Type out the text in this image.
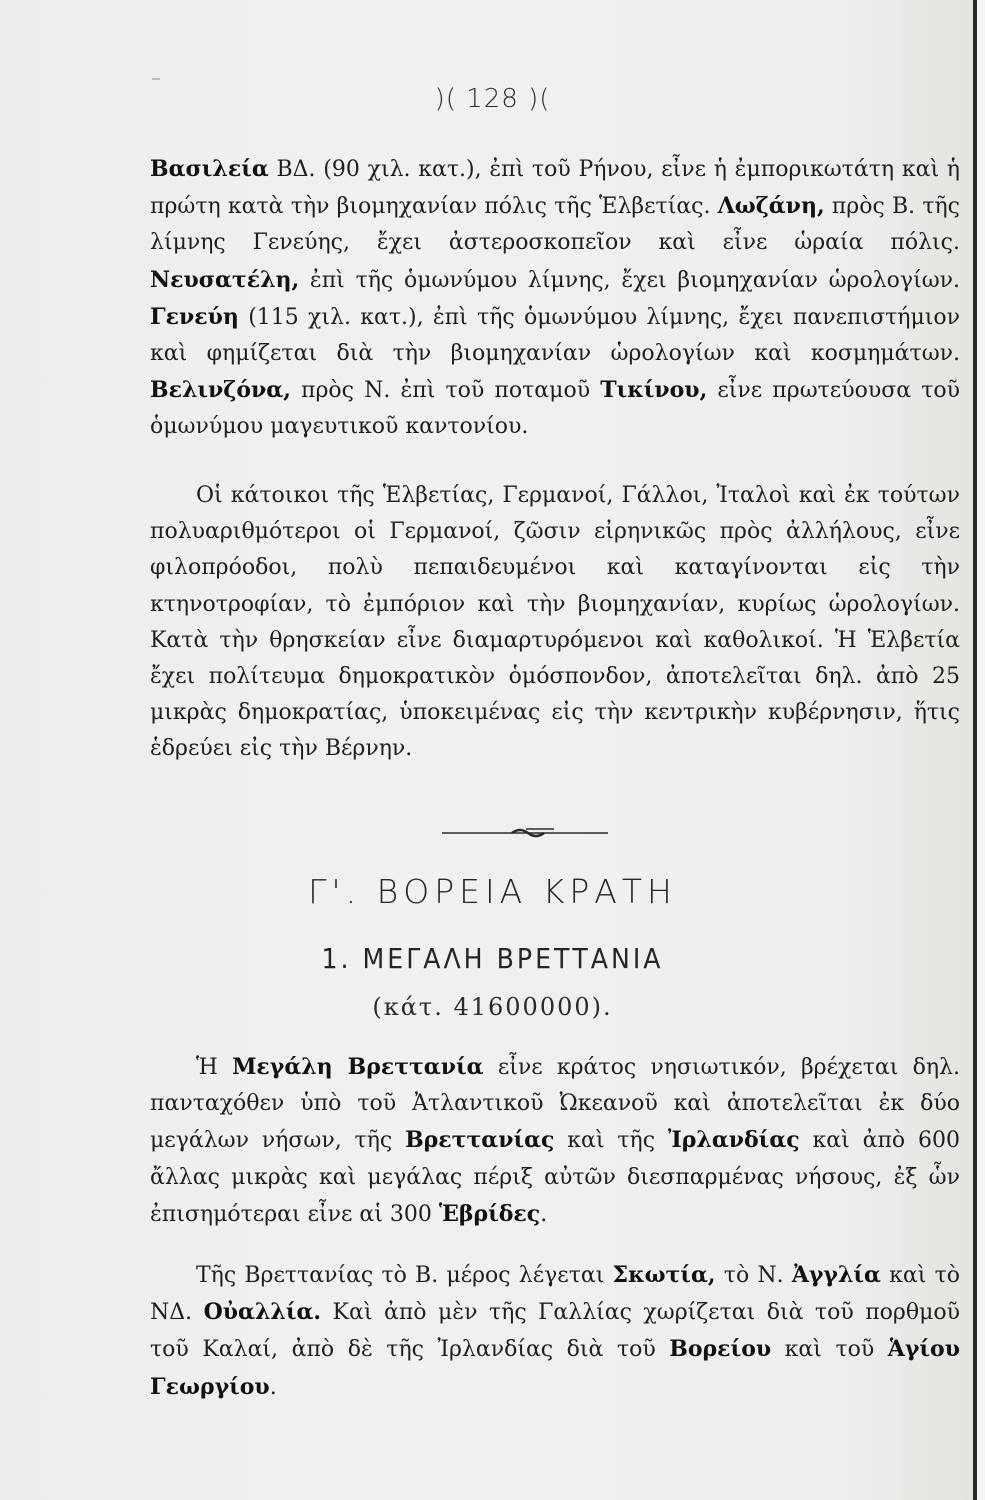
)( 128 )(

Βασιλεία ΒΔ. (90 χιλ. κατ.), ἐπὶ τοῦ Ρήνου, εἶνε ἡ ἐμπορικωτάτη καὶ ἡ πρώτη κατὰ τὴν βιομηχανίαν πόλις τῆς Ἑλβετίας. Λωζάνη, πρὸς Β. τῆς λίμνης Γενεύης, ἔχει ἀστεροσκοπεῖον καὶ εἶνε ὡραία πόλις. Νευσατέλη, ἐπὶ τῆς ὁμωνύμου λίμνης, ἔχει βιομηχανίαν ὡρολογίων. Γενεύη (115 χιλ. κατ.), ἐπὶ τῆς ὁμωνύμου λίμνης, ἔχει πανεπιστήμιον καὶ φημίζεται διὰ τὴν βιομηχανίαν ὡρολογίων καὶ κοσμημάτων. Βελινζόνα, πρὸς Ν. ἐπὶ τοῦ ποταμοῦ Τικίνου, εἶνε πρωτεύουσα τοῦ ὁμωνύμου μαγευτικοῦ καντονίου.

Οἱ κάτοικοι τῆς Ἑλβετίας, Γερμανοί, Γάλλοι, Ἰταλοὶ καὶ ἐκ τούτων πολυαριθμότεροι οἱ Γερμανοί, ζῶσιν εἰρηνικῶς πρὸς ἀλλήλους, εἶνε φιλοπρόοδοι, πολὺ πεπαιδευμένοι καὶ καταγίνονται εἰς τὴν κτηνοτροφίαν, τὸ ἐμπόριον καὶ τὴν βιομηχανίαν, κυρίως ὡρολογίων. Κατὰ τὴν θρησκείαν εἶνε διαμαρτυρόμενοι καὶ καθολικοί. Ἡ Ἑλβετία ἔχει πολίτευμα δημοκρατικὸν ὁμόσπονδον, ἀποτελεῖται δηλ. ἀπὸ 25 μικρὰς δημοκρατίας, ὑποκειμένας εἰς τὴν κεντρικὴν κυβέρνησιν, ἥτις ἑδρεύει εἰς τὴν Βέρνην.

Γ'. ΒΟΡΕΙΑ ΚΡΑΤΗ
1. ΜΕΓΑΛΗ ΒΡΕΤΤΑΝΙΑ
(κάτ. 41600000).

Ἡ Μεγάλη Βρεττανία εἶνε κράτος νησιωτικόν, βρέχεται δηλ. πανταχόθεν ὑπὸ τοῦ Ἀτλαντικοῦ Ὠκεανοῦ καὶ ἀποτελεῖται ἐκ δύο μεγάλων νήσων, τῆς Βρεττανίας καὶ τῆς Ἰρλανδίας καὶ ἀπὸ 600 ἄλλας μικρὰς καὶ μεγάλας πέριξ αὐτῶν διεσπαρμένας νήσους, ἐξ ὧν ἐπισημότεραι εἶνε αἱ 300 Ἑβρίδες.

Τῆς Βρεττανίας τὸ Β. μέρος λέγεται Σκωτία, τὸ Ν. Ἀγγλία καὶ τὸ ΝΔ. Οὐαλλία. Καὶ ἀπὸ μὲν τῆς Γαλλίας χωρίζεται διὰ τοῦ πορθμοῦ τοῦ Καλαί, ἀπὸ δὲ τῆς Ἰρλανδίας διὰ τοῦ Βορείου καὶ τοῦ Ἁγίου Γεωργίου.
